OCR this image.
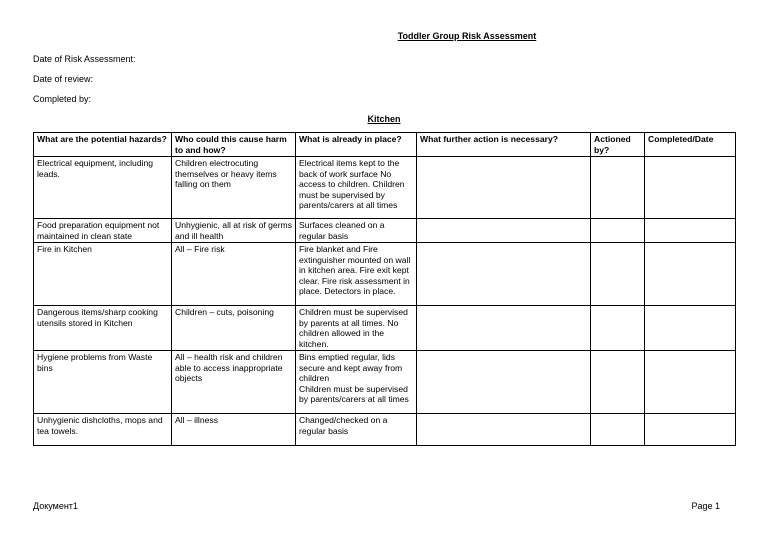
Toddler Group Risk Assessment
Date of Risk Assessment:
Date of review:
Completed by:
Kitchen
What are the potential hazards?	Who could this cause harm to and how?	What is already in place?	What further action is necessary?	Actioned by?	Completed/Date
Electrical equipment, including leads.	Children electrocuting themselves or heavy items falling on them	Electrical items kept to the back of work surface No access to children. Children must be supervised by parents/carers at all times			
Food preparation equipment not maintained in clean state	Unhygienic, all at risk of germs and ill health	Surfaces cleaned on a regular basis			
Fire in Kitchen	All – Fire risk	Fire blanket and Fire extinguisher mounted on wall in kitchen area. Fire exit kept clear. Fire risk assessment in place. Detectors in place.			
Dangerous items/sharp cooking utensils stored in Kitchen	Children – cuts, poisoning	Children must be supervised by parents at all times. No children allowed in the kitchen.			
Hygiene problems from Waste bins	All – health risk and children able to access inappropriate objects	Bins emptied regular, lids secure and kept away from children
Children must be supervised by parents/carers at all times			
Unhygienic dishcloths, mops and tea towels.	All – illness	Changed/checked on a regular basis			
Документ1	Page 1
